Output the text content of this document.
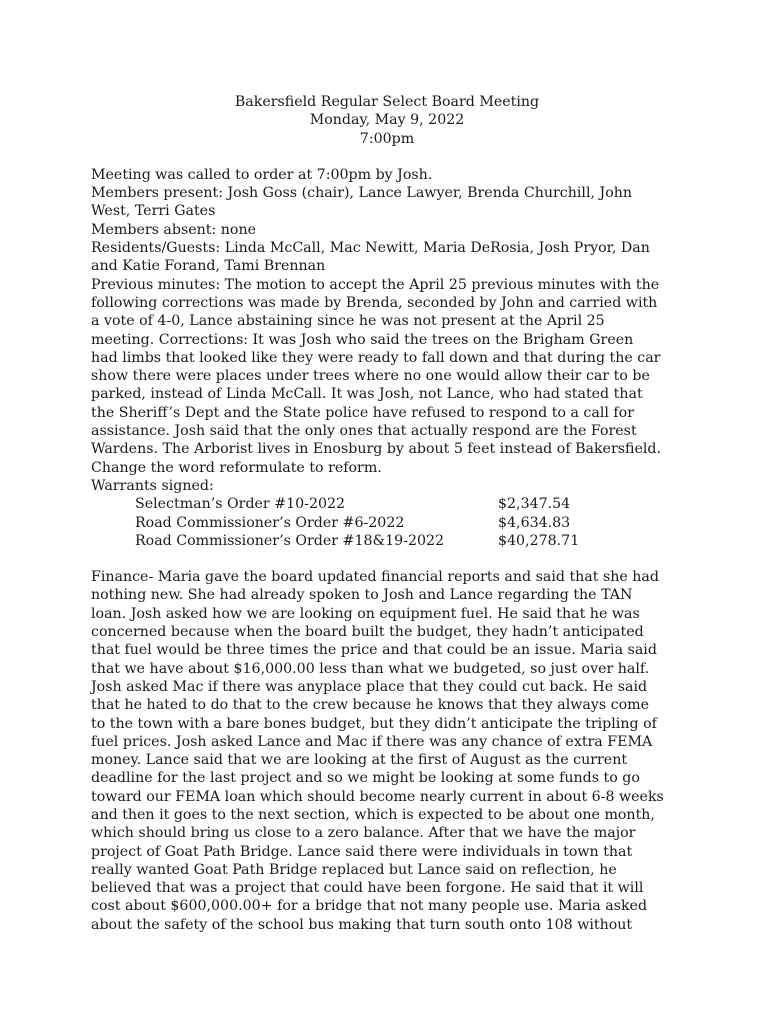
Bakersfield Regular Select Board Meeting
Monday, May 9, 2022
7:00pm
Meeting was called to order at 7:00pm by Josh.
Members present: Josh Goss (chair), Lance Lawyer, Brenda Churchill, John
West, Terri Gates
Members absent: none
Residents/Guests: Linda McCall, Mac Newitt, Maria DeRosia, Josh Pryor, Dan
and Katie Forand, Tami Brennan
Previous minutes: The motion to accept the April 25 previous minutes with the
following corrections was made by Brenda, seconded by John and carried with
a vote of 4-0, Lance abstaining since he was not present at the April 25
meeting. Corrections: It was Josh who said the trees on the Brigham Green
had limbs that looked like they were ready to fall down and that during the car
show there were places under trees where no one would allow their car to be
parked, instead of Linda McCall. It was Josh, not Lance, who had stated that
the Sheriff’s Dept and the State police have refused to respond to a call for
assistance. Josh said that the only ones that actually respond are the Forest
Wardens. The Arborist lives in Enosburg by about 5 feet instead of Bakersfield.
Change the word reformulate to reform.
Warrants signed:
Selectman’s Order #10-2022	$2,347.54
Road Commissioner’s Order #6-2022	$4,634.83
Road Commissioner’s Order #18&19-2022	$40,278.71
Finance- Maria gave the board updated financial reports and said that she had
nothing new. She had already spoken to Josh and Lance regarding the TAN
loan. Josh asked how we are looking on equipment fuel. He said that he was
concerned because when the board built the budget, they hadn’t anticipated
that fuel would be three times the price and that could be an issue. Maria said
that we have about $16,000.00 less than what we budgeted, so just over half.
Josh asked Mac if there was anyplace place that they could cut back. He said
that he hated to do that to the crew because he knows that they always come
to the town with a bare bones budget, but they didn’t anticipate the tripling of
fuel prices. Josh asked Lance and Mac if there was any chance of extra FEMA
money. Lance said that we are looking at the first of August as the current
deadline for the last project and so we might be looking at some funds to go
toward our FEMA loan which should become nearly current in about 6-8 weeks
and then it goes to the next section, which is expected to be about one month,
which should bring us close to a zero balance. After that we have the major
project of Goat Path Bridge. Lance said there were individuals in town that
really wanted Goat Path Bridge replaced but Lance said on reflection, he
believed that was a project that could have been forgone. He said that it will
cost about $600,000.00+ for a bridge that not many people use. Maria asked
about the safety of the school bus making that turn south onto 108 without
